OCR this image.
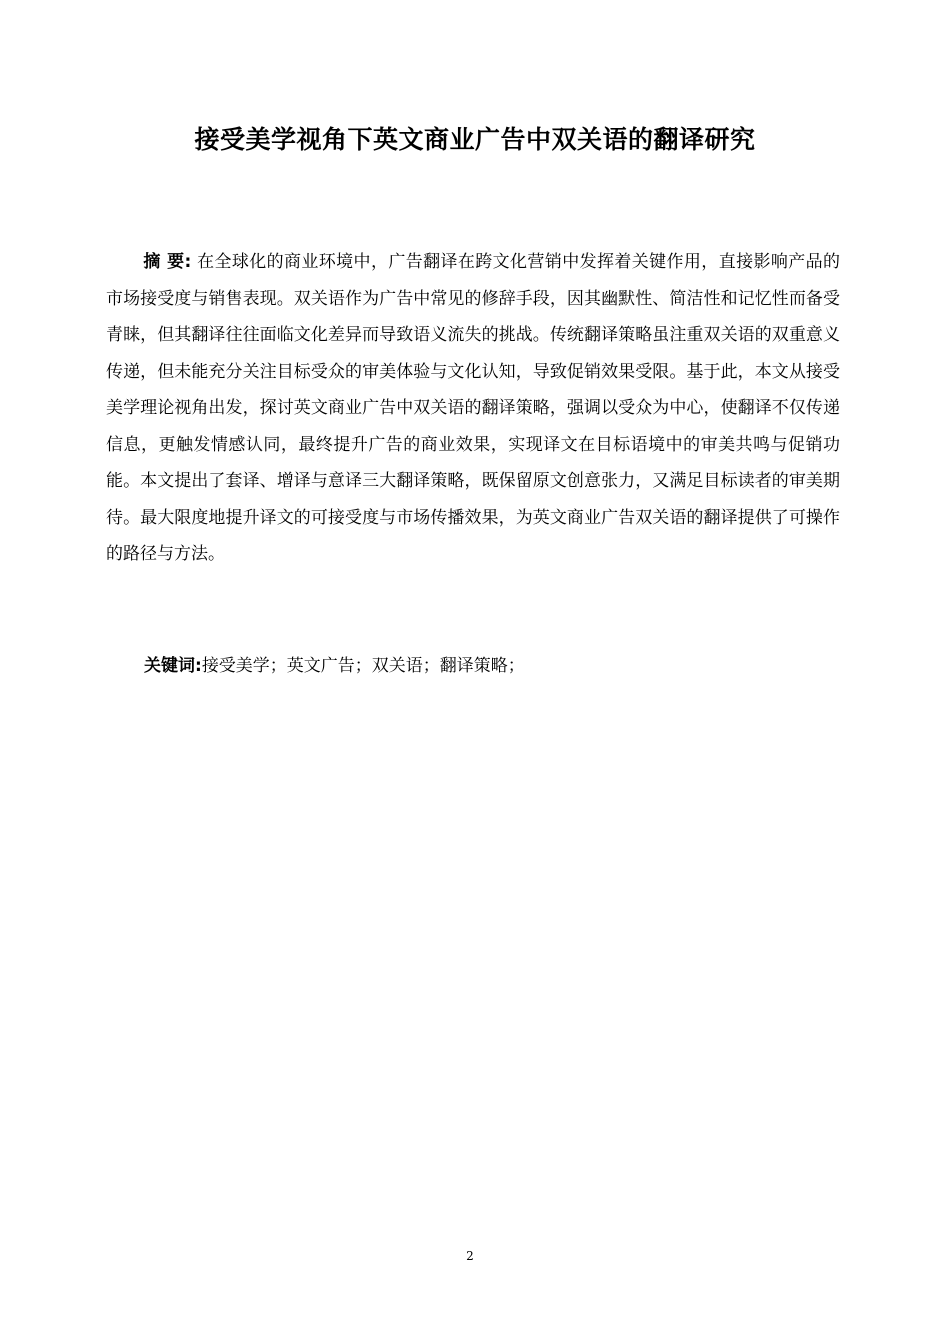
接受美学视角下英文商业广告中双关语的翻译研究

摘 要: 在全球化的商业环境中，广告翻译在跨文化营销中发挥着关键作用，直接影响产品的市场接受度与销售表现。双关语作为广告中常见的修辞手段，因其幽默性、简洁性和记忆性而备受青睐，但其翻译往往面临文化差异而导致语义流失的挑战。传统翻译策略虽注重双关语的双重意义传递，但未能充分关注目标受众的审美体验与文化认知，导致促销效果受限。基于此，本文从接受美学理论视角出发，探讨英文商业广告中双关语的翻译策略，强调以受众为中心，使翻译不仅传递信息，更触发情感认同，最终提升广告的商业效果，实现译文在目标语境中的审美共鸣与促销功能。本文提出了套译、增译与意译三大翻译策略，既保留原文创意张力，又满足目标读者的审美期待。最大限度地提升译文的可接受度与市场传播效果，为英文商业广告双关语的翻译提供了可操作的路径与方法。

关键词:接受美学；英文广告；双关语；翻译策略；

2
